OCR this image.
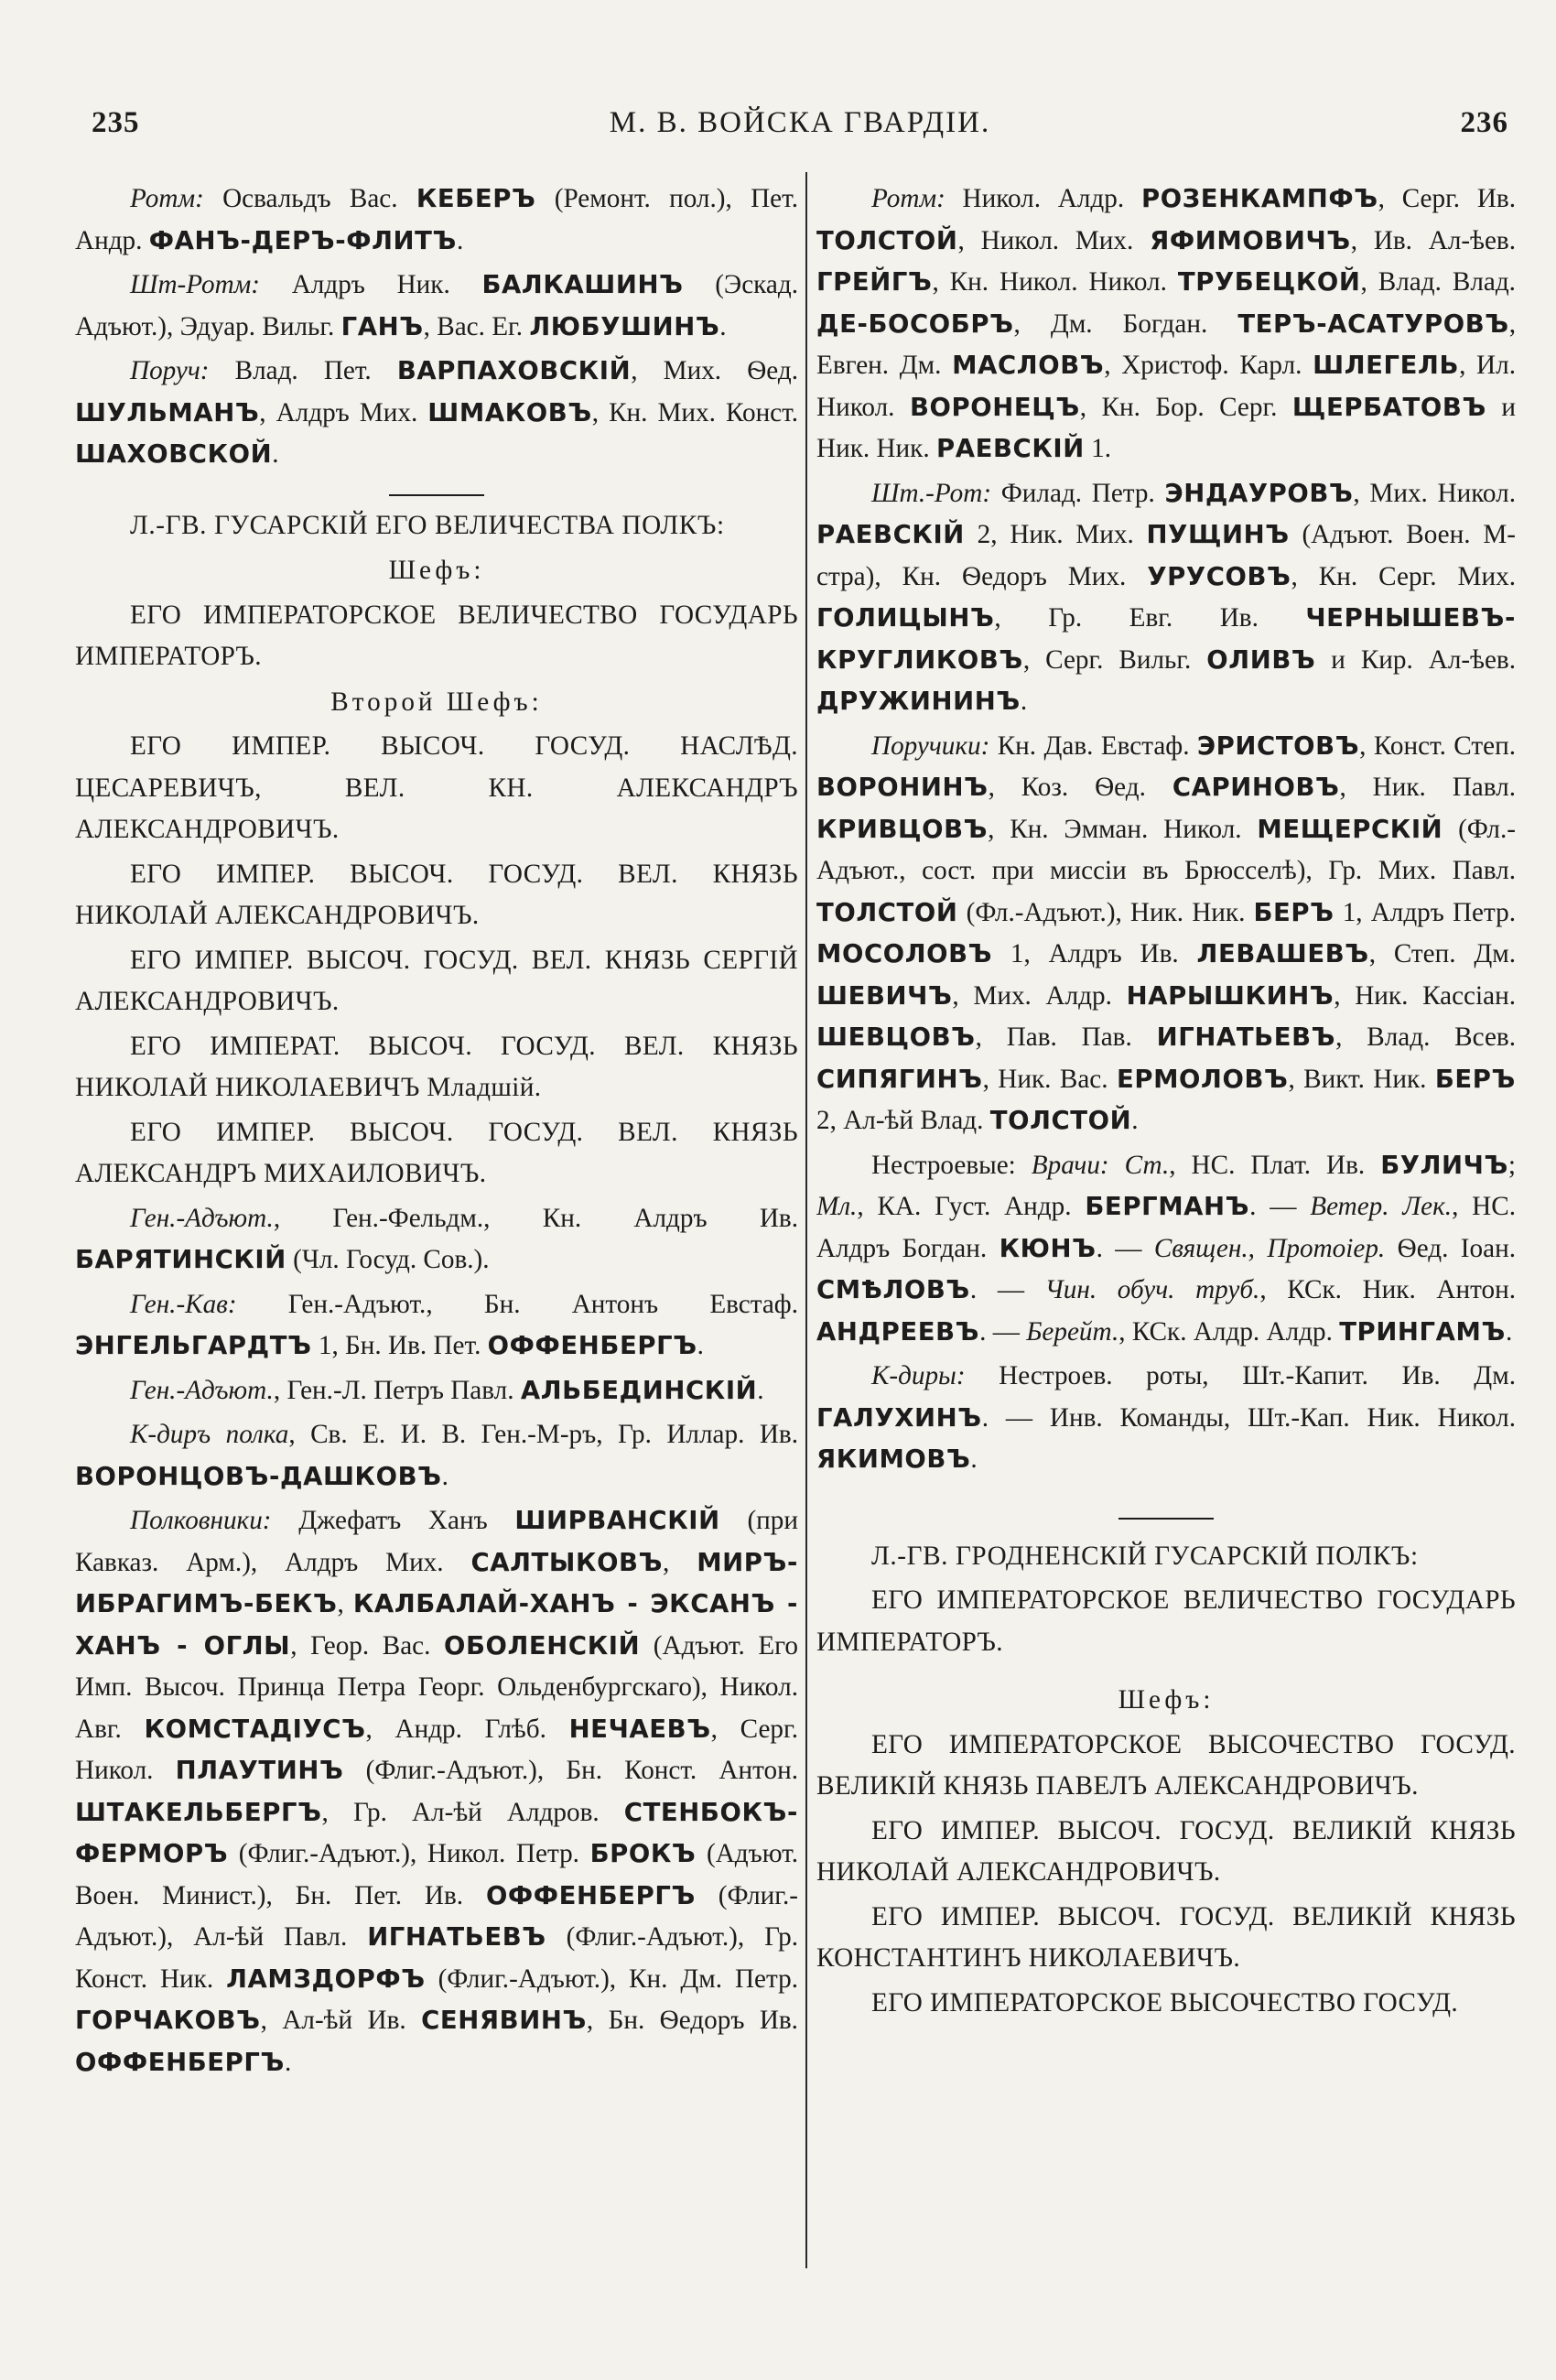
235	М. В. ВОЙСКА ГВАРДІИ.	236

Ротм: Освальдъ Вас. КЕБЕРЪ (Ремонт. пол.), Пет. Андр. ФАНЪ-ДЕРЪ-ФЛИТЪ.

Шт-Ротм: Алдръ Ник. БАЛКАШИНЪ (Эскад. Адъют.), Эдуар. Вильг. ГАНЪ, Вас. Ег. ЛЮБУШИНЪ.

Поруч: Влад. Пет. ВАРПАХОВСКІЙ, Мих. Ѳед. ШУЛЬМАНЪ, Алдръ Мих. ШМАКОВЪ, Кн. Мих. Конст. ШАХОВСКОЙ.

Л.-ГВ. ГУСАРСКІЙ ЕГО ВЕЛИЧЕСТВА ПОЛКЪ:

Шефъ:

ЕГО ИМПЕРАТОРСКОЕ ВЕЛИЧЕСТВО ГОСУДАРЬ ИМПЕРАТОРЪ.

Второй Шефъ:

ЕГО ИМПЕР. ВЫСОЧ. ГОСУД. НАСЛѢД. ЦЕСАРЕВИЧЪ, ВЕЛ. КН. АЛЕКСАНДРЪ АЛЕКСАНДРОВИЧЪ.

ЕГО ИМПЕР. ВЫСОЧ. ГОСУД. ВЕЛ. КНЯЗЬ НИКОЛАЙ АЛЕКСАНДРОВИЧЪ.

ЕГО ИМПЕР. ВЫСОЧ. ГОСУД. ВЕЛ. КНЯЗЬ СЕРГІЙ АЛЕКСАНДРОВИЧЪ.

ЕГО ИМПЕРАТ. ВЫСОЧ. ГОСУД. ВЕЛ. КНЯЗЬ НИКОЛАЙ НИКОЛАЕВИЧЪ Младшій.

ЕГО ИМПЕР. ВЫСОЧ. ГОСУД. ВЕЛ. КНЯЗЬ АЛЕКСАНДРЪ МИХАИЛОВИЧЪ.

Ген.-Адъют., Ген.-Фельдм., Кн. Алдръ Ив. БАРЯТИНСКІЙ (Чл. Госуд. Сов.).

Ген.-Кав: Ген.-Адъют., Бн. Антонъ Евстаф. ЭНГЕЛЬГАРДТЪ 1, Бн. Ив. Пет. ОФФЕНБЕРГЪ.

Ген.-Адъют., Ген.-Л. Петръ Павл. АЛЬБЕДИНСКІЙ.

К-диръ полка, Св. Е. И. В. Ген.-М-ръ, Гр. Иллар. Ив. ВОРОНЦОВЪ-ДАШКОВЪ.

Полковники: Джефатъ Ханъ ШИРВАНСКІЙ (при Кавказ. Арм.), Алдръ Мих. САЛТЫКОВЪ, МИРЪ-ИБРАГИМЪ-БЕКЪ, КАЛБАЛАЙ-ХАНЪ - ЭКСАНЪ - ХАНЪ - ОГЛЫ, Геор. Вас. ОБОЛЕНСКІЙ (Адъют. Его Имп. Высоч. Принца Петра Георг. Ольденбургскаго), Никол. Авг. КОМСТАДІУСЪ, Андр. Глѣб. НЕЧАЕВЪ, Серг. Никол. ПЛАУТИНЪ (Флиг.-Адъют.), Бн. Конст. Антон. ШТАКЕЛЬБЕРГЪ, Гр. Ал-ѣй Алдров. СТЕНБОКЪ-ФЕРМОРЪ (Флиг.-Адъют.), Никол. Петр. БРОКЪ (Адъют. Воен. Минист.), Бн. Пет. Ив. ОФФЕНБЕРГЪ (Флиг.-Адъют.), Ал-ѣй Павл. ИГНАТЬЕВЪ (Флиг.-Адъют.), Гр. Конст. Ник. ЛАМЗДОРФЪ (Флиг.-Адъют.), Кн. Дм. Петр. ГОРЧАКОВЪ, Ал-ѣй Ив. СЕНЯВИНЪ, Бн. Ѳедоръ Ив. ОФФЕНБЕРГЪ.

Ротм: Никол. Алдр. РОЗЕНКАМПФЪ, Серг. Ив. ТОЛСТОЙ, Никол. Мих. ЯФИМОВИЧЪ, Ив. Ал-ѣев. ГРЕЙГЪ, Кн. Никол. Никол. ТРУБЕЦКОЙ, Влад. Влад. ДЕ-БОСОБРЪ, Дм. Богдан. ТЕРЪ-АСАТУРОВЪ, Евген. Дм. МАСЛОВЪ, Христоф. Карл. ШЛЕГЕЛЬ, Ил. Никол. ВОРОНЕЦЪ, Кн. Бор. Серг. ЩЕРБАТОВЪ и Ник. Ник. РАЕВСКІЙ 1.

Шт.-Рот: Филад. Петр. ЭНДАУРОВЪ, Мих. Никол. РАЕВСКІЙ 2, Ник. Мих. ПУЩИНЪ (Адъют. Воен. М-стра), Кн. Ѳедоръ Мих. УРУСОВЪ, Кн. Серг. Мих. ГОЛИЦЫНЪ, Гр. Евг. Ив. ЧЕРНЫШЕВЪ-КРУГЛИКОВЪ, Серг. Вильг. ОЛИВЪ и Кир. Ал-ѣев. ДРУЖИНИНЪ.

Поручики: Кн. Дав. Евстаф. ЭРИСТОВЪ, Конст. Степ. ВОРОНИНЪ, Коз. Ѳед. САРИНОВЪ, Ник. Павл. КРИВЦОВЪ, Кн. Эмман. Никол. МЕЩЕРСКІЙ (Фл.-Адъют., сост. при миссіи въ Брюсселѣ), Гр. Мих. Павл. ТОЛСТОЙ (Фл.-Адъют.), Ник. Ник. БЕРЪ 1, Алдръ Петр. МОСОЛОВЪ 1, Алдръ Ив. ЛЕВАШЕВЪ, Степ. Дм. ШЕВИЧЪ, Мих. Алдр. НАРЫШКИНЪ, Ник. Кассіан. ШЕВЦОВЪ, Пав. Пав. ИГНАТЬЕВЪ, Влад. Всев. СИПЯГИНЪ, Ник. Вас. ЕРМОЛОВЪ, Викт. Ник. БЕРЪ 2, Ал-ѣй Влад. ТОЛСТОЙ.

Нестроевые: Врачи: Ст., НС. Плат. Ив. БУЛИЧЪ; Мл., КА. Густ. Андр. БЕРГМАНЪ. — Ветер. Лек., НС. Алдръ Богдан. КЮНЪ. — Священ., Протоіер. Ѳед. Іоан. СМѢЛОВЪ. — Чин. обуч. труб., КСк. Ник. Антон. АНДРЕЕВЪ. — Берейт., КСк. Алдр. Алдр. ТРИНГАМЪ.

К-диры: Нестроев. роты, Шт.-Капит. Ив. Дм. ГАЛУХИНЪ. — Инв. Команды, Шт.-Кап. Ник. Никол. ЯКИМОВЪ.

Л.-ГВ. ГРОДНЕНСКІЙ ГУСАРСКІЙ ПОЛКЪ:

ЕГО ИМПЕРАТОРСКОЕ ВЕЛИЧЕСТВО ГОСУДАРЬ ИМПЕРАТОРЪ.

Шефъ:

ЕГО ИМПЕРАТОРСКОЕ ВЫСОЧЕСТВО ГОСУД. ВЕЛИКІЙ КНЯЗЬ ПАВЕЛЪ АЛЕКСАНДРОВИЧЪ.

ЕГО ИМПЕР. ВЫСОЧ. ГОСУД. ВЕЛИКІЙ КНЯЗЬ НИКОЛАЙ АЛЕКСАНДРОВИЧЪ.

ЕГО ИМПЕР. ВЫСОЧ. ГОСУД. ВЕЛИКІЙ КНЯЗЬ КОНСТАНТИНЪ НИКОЛАЕВИЧЪ.

ЕГО ИМПЕРАТОРСКОЕ ВЫСОЧЕСТВО ГОСУД.
